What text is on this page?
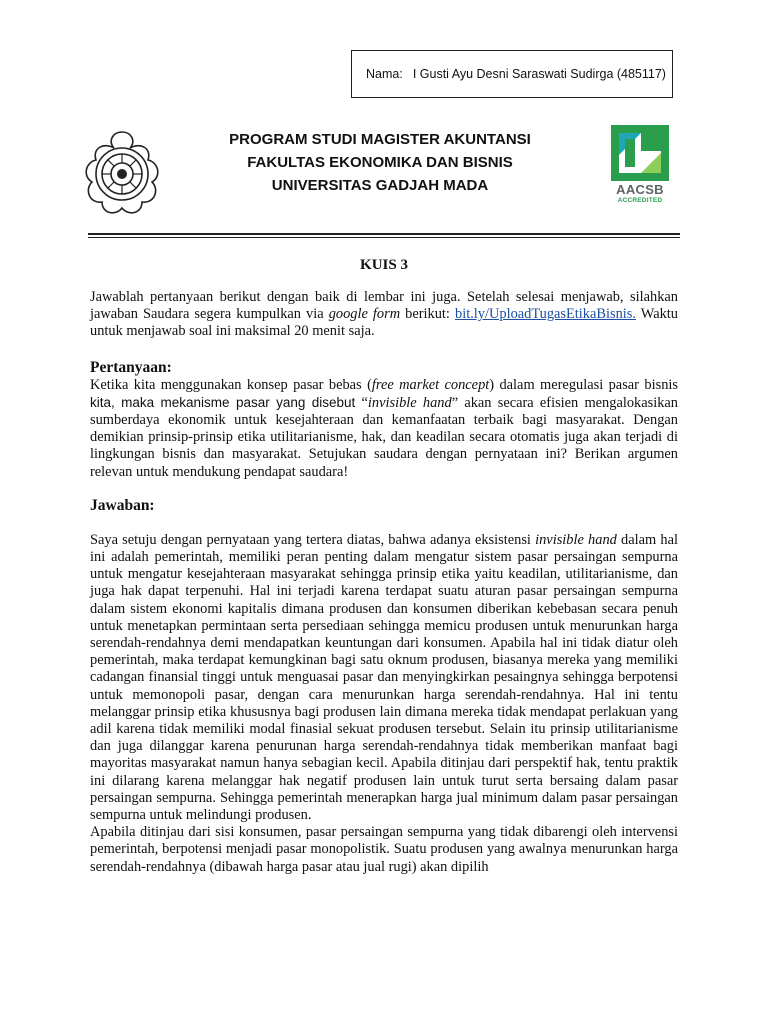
Nama: I Gusti Ayu Desni Saraswati Sudirga (485117)
PROGRAM STUDI MAGISTER AKUNTANSI
FAKULTAS EKONOMIKA DAN BISNIS
UNIVERSITAS GADJAH MADA	AACSB
ACCREDITED
KUIS 3

Jawablah pertanyaan berikut dengan baik di lembar ini juga. Setelah selesai menjawab, silahkan jawaban Saudara segera kumpulkan via google form berikut: bit.ly/UploadTugasEtikaBisnis. Waktu untuk menjawab soal ini maksimal 20 menit saja.

Pertanyaan:

Ketika kita menggunakan konsep pasar bebas (free market concept) dalam meregulasi pasar bisnis kita, maka mekanisme pasar yang disebut “invisible hand” akan secara efisien mengalokasikan sumberdaya ekonomik untuk kesejahteraan dan kemanfaatan terbaik bagi masyarakat. Dengan demikian prinsip-prinsip etika utilitarianisme, hak, dan keadilan secara otomatis juga akan terjadi di lingkungan bisnis dan masyarakat. Setujukan saudara dengan pernyataan ini? Berikan argumen relevan untuk mendukung pendapat saudara!

Jawaban:

Saya setuju dengan pernyataan yang tertera diatas, bahwa adanya eksistensi invisible hand dalam hal ini adalah pemerintah, memiliki peran penting dalam mengatur sistem pasar persaingan sempurna untuk mengatur kesejahteraan masyarakat sehingga prinsip etika yaitu keadilan, utilitarianisme, dan juga hak dapat terpenuhi. Hal ini terjadi karena terdapat suatu aturan pasar persaingan sempurna dalam sistem ekonomi kapitalis dimana produsen dan konsumen diberikan kebebasan secara penuh untuk menetapkan permintaan serta persediaan sehingga memicu produsen untuk menurunkan harga serendah-rendahnya demi mendapatkan keuntungan dari konsumen. Apabila hal ini tidak diatur oleh pemerintah, maka terdapat kemungkinan bagi satu oknum produsen, biasanya mereka yang memiliki cadangan finansial tinggi untuk menguasai pasar dan menyingkirkan pesaingnya sehingga berpotensi untuk memonopoli pasar, dengan cara menurunkan harga serendah-rendahnya. Hal ini tentu melanggar prinsip etika khususnya bagi produsen lain dimana mereka tidak mendapat perlakuan yang adil karena tidak memiliki modal finasial sekuat produsen tersebut. Selain itu prinsip utilitarianisme dan juga dilanggar karena penurunan harga serendah-rendahnya tidak memberikan manfaat bagi mayoritas masyarakat namun hanya sebagian kecil. Apabila ditinjau dari perspektif hak, tentu praktik ini dilarang karena melanggar hak negatif produsen lain untuk turut serta bersaing dalam pasar persaingan sempurna. Sehingga pemerintah menerapkan harga jual minimum dalam pasar persaingan sempurna untuk melindungi produsen.

Apabila ditinjau dari sisi konsumen, pasar persaingan sempurna yang tidak dibarengi oleh intervensi pemerintah, berpotensi menjadi pasar monopolistik. Suatu produsen yang awalnya menurunkan harga serendah-rendahnya (dibawah harga pasar atau jual rugi) akan dipilih
